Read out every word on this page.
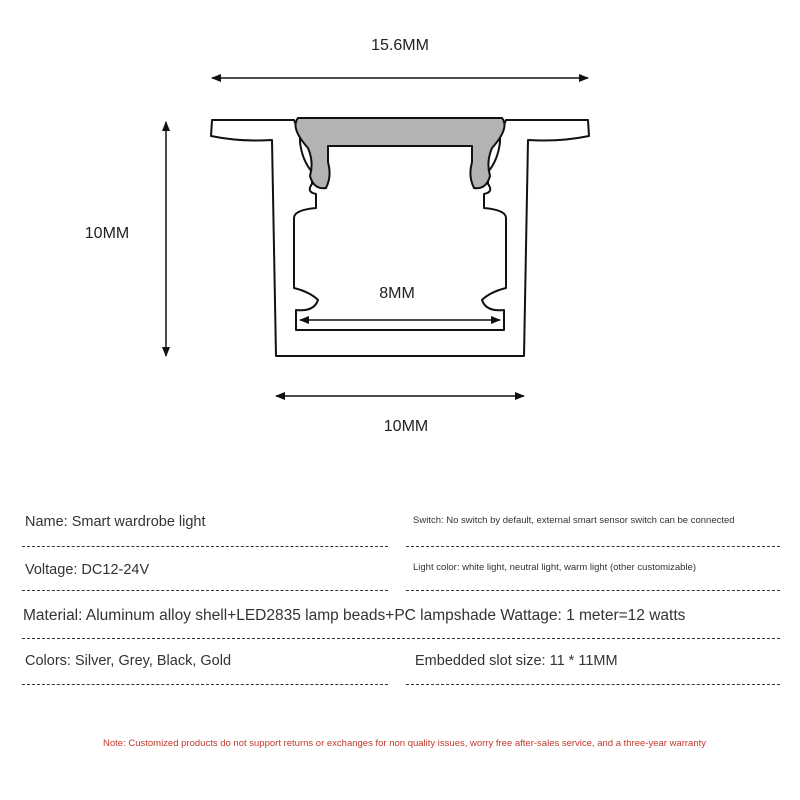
15.6MM
10MM
8MM
10MM
Name: Smart wardrobe light	Switch: No switch by default, external smart sensor switch can be connected
Voltage: DC12-24V	Light color: white light, neutral light, warm light (other customizable)
Material: Aluminum alloy shell+LED2835 lamp beads+PC lampshade Wattage: 1 meter=12 watts
Colors: Silver, Grey, Black, Gold	Embedded slot size: 11 * 11MM
Note: Customized products do not support returns or exchanges for non quality issues, worry free after-sales service, and a three-year warranty
